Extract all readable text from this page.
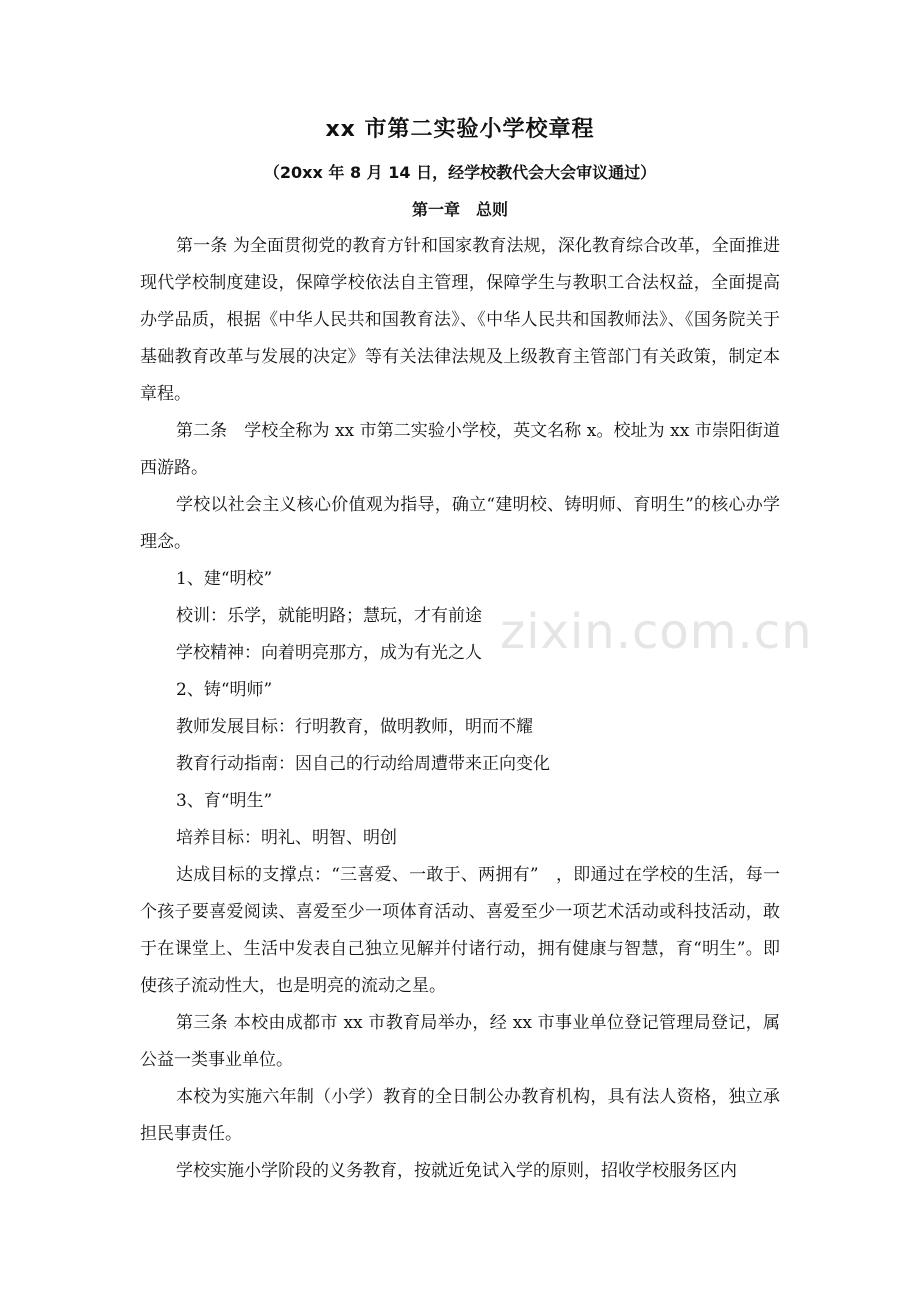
xx 市第二实验小学校章程
（20xx 年 8 月 14 日，经学校教代会大会审议通过）
第一章　总则

第一条 为全面贯彻党的教育方针和国家教育法规，深化教育综合改革，全面推进现代学校制度建设，保障学校依法自主管理，保障学生与教职工合法权益，全面提高办学品质，根据《中华人民共和国教育法》、《中华人民共和国教师法》、《国务院关于基础教育改革与发展的决定》等有关法律法规及上级教育主管部门有关政策，制定本章程。

第二条　学校全称为 xx 市第二实验小学校，英文名称 x。校址为 xx 市崇阳街道西游路。

学校以社会主义核心价值观为指导，确立“建明校、铸明师、育明生”的核心办学理念。

1、建“明校”

校训：乐学，就能明路；慧玩，才有前途

学校精神：向着明亮那方，成为有光之人

2、铸“明师”

教师发展目标：行明教育，做明教师，明而不耀

教育行动指南：因自己的行动给周遭带来正向变化

3、育“明生”

培养目标：明礼、明智、明创

达成目标的支撑点：“三喜爱、一敢于、两拥有”　，即通过在学校的生活，每一个孩子要喜爱阅读、喜爱至少一项体育活动、喜爱至少一项艺术活动或科技活动，敢于在课堂上、生活中发表自己独立见解并付诸行动，拥有健康与智慧，育“明生”。即使孩子流动性大，也是明亮的流动之星。

第三条 本校由成都市 xx 市教育局举办，经 xx 市事业单位登记管理局登记，属公益一类事业单位。

本校为实施六年制（小学）教育的全日制公办教育机构，具有法人资格，独立承担民事责任。

学校实施小学阶段的义务教育，按就近免试入学的原则，招收学校服务区内

zixin.com.cn
